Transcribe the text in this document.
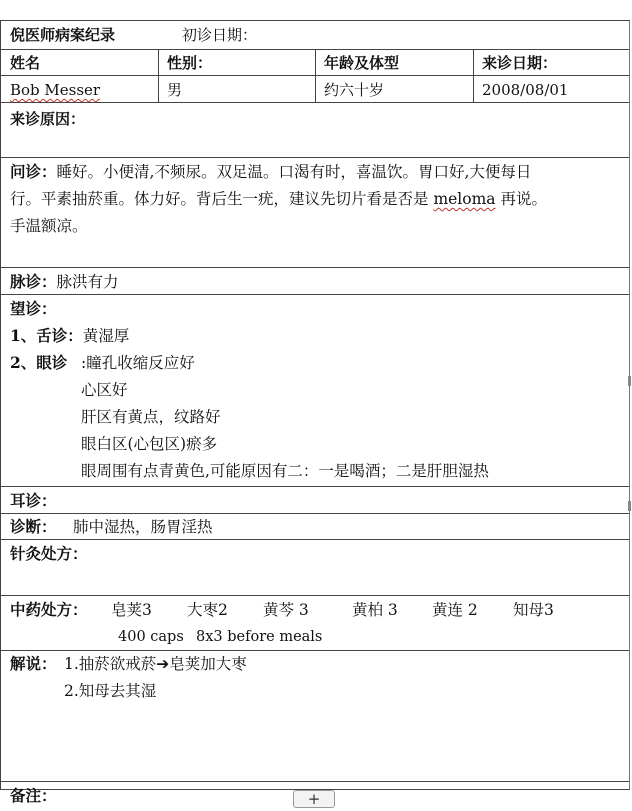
倪医师病案纪录	初诊日期：
姓名	性别：	年龄及体型	来诊日期：
Bob Messer	男	约六十岁	2008/08/01
来诊原因：
问诊：睡好。小便清,不频尿。双足温。口渴有时，喜温饮。胃口好,大便每日
行。平素抽菸重。体力好。背后生一疣，建议先切片看是否是 meloma 再说。
手温额凉。
脉诊：脉洪有力
望诊：
1、舌诊：黄湿厚
2、眼诊 :瞳孔收缩反应好
心区好
肝区有黄点，纹路好
眼白区(心包区)瘀多
眼周围有点青黄色,可能原因有二：一是喝酒；二是肝胆湿热
耳诊：
诊断： 肺中湿热，肠胃淫热
针灸处方：
中药处方： 皂荚3 大枣2 黄芩 3	黄柏 3 黄连 2 知母3
400 caps 8x3 before meals
解说： 1.抽菸欲戒菸➔皂荚加大枣
2.知母去其湿
备注：	+
